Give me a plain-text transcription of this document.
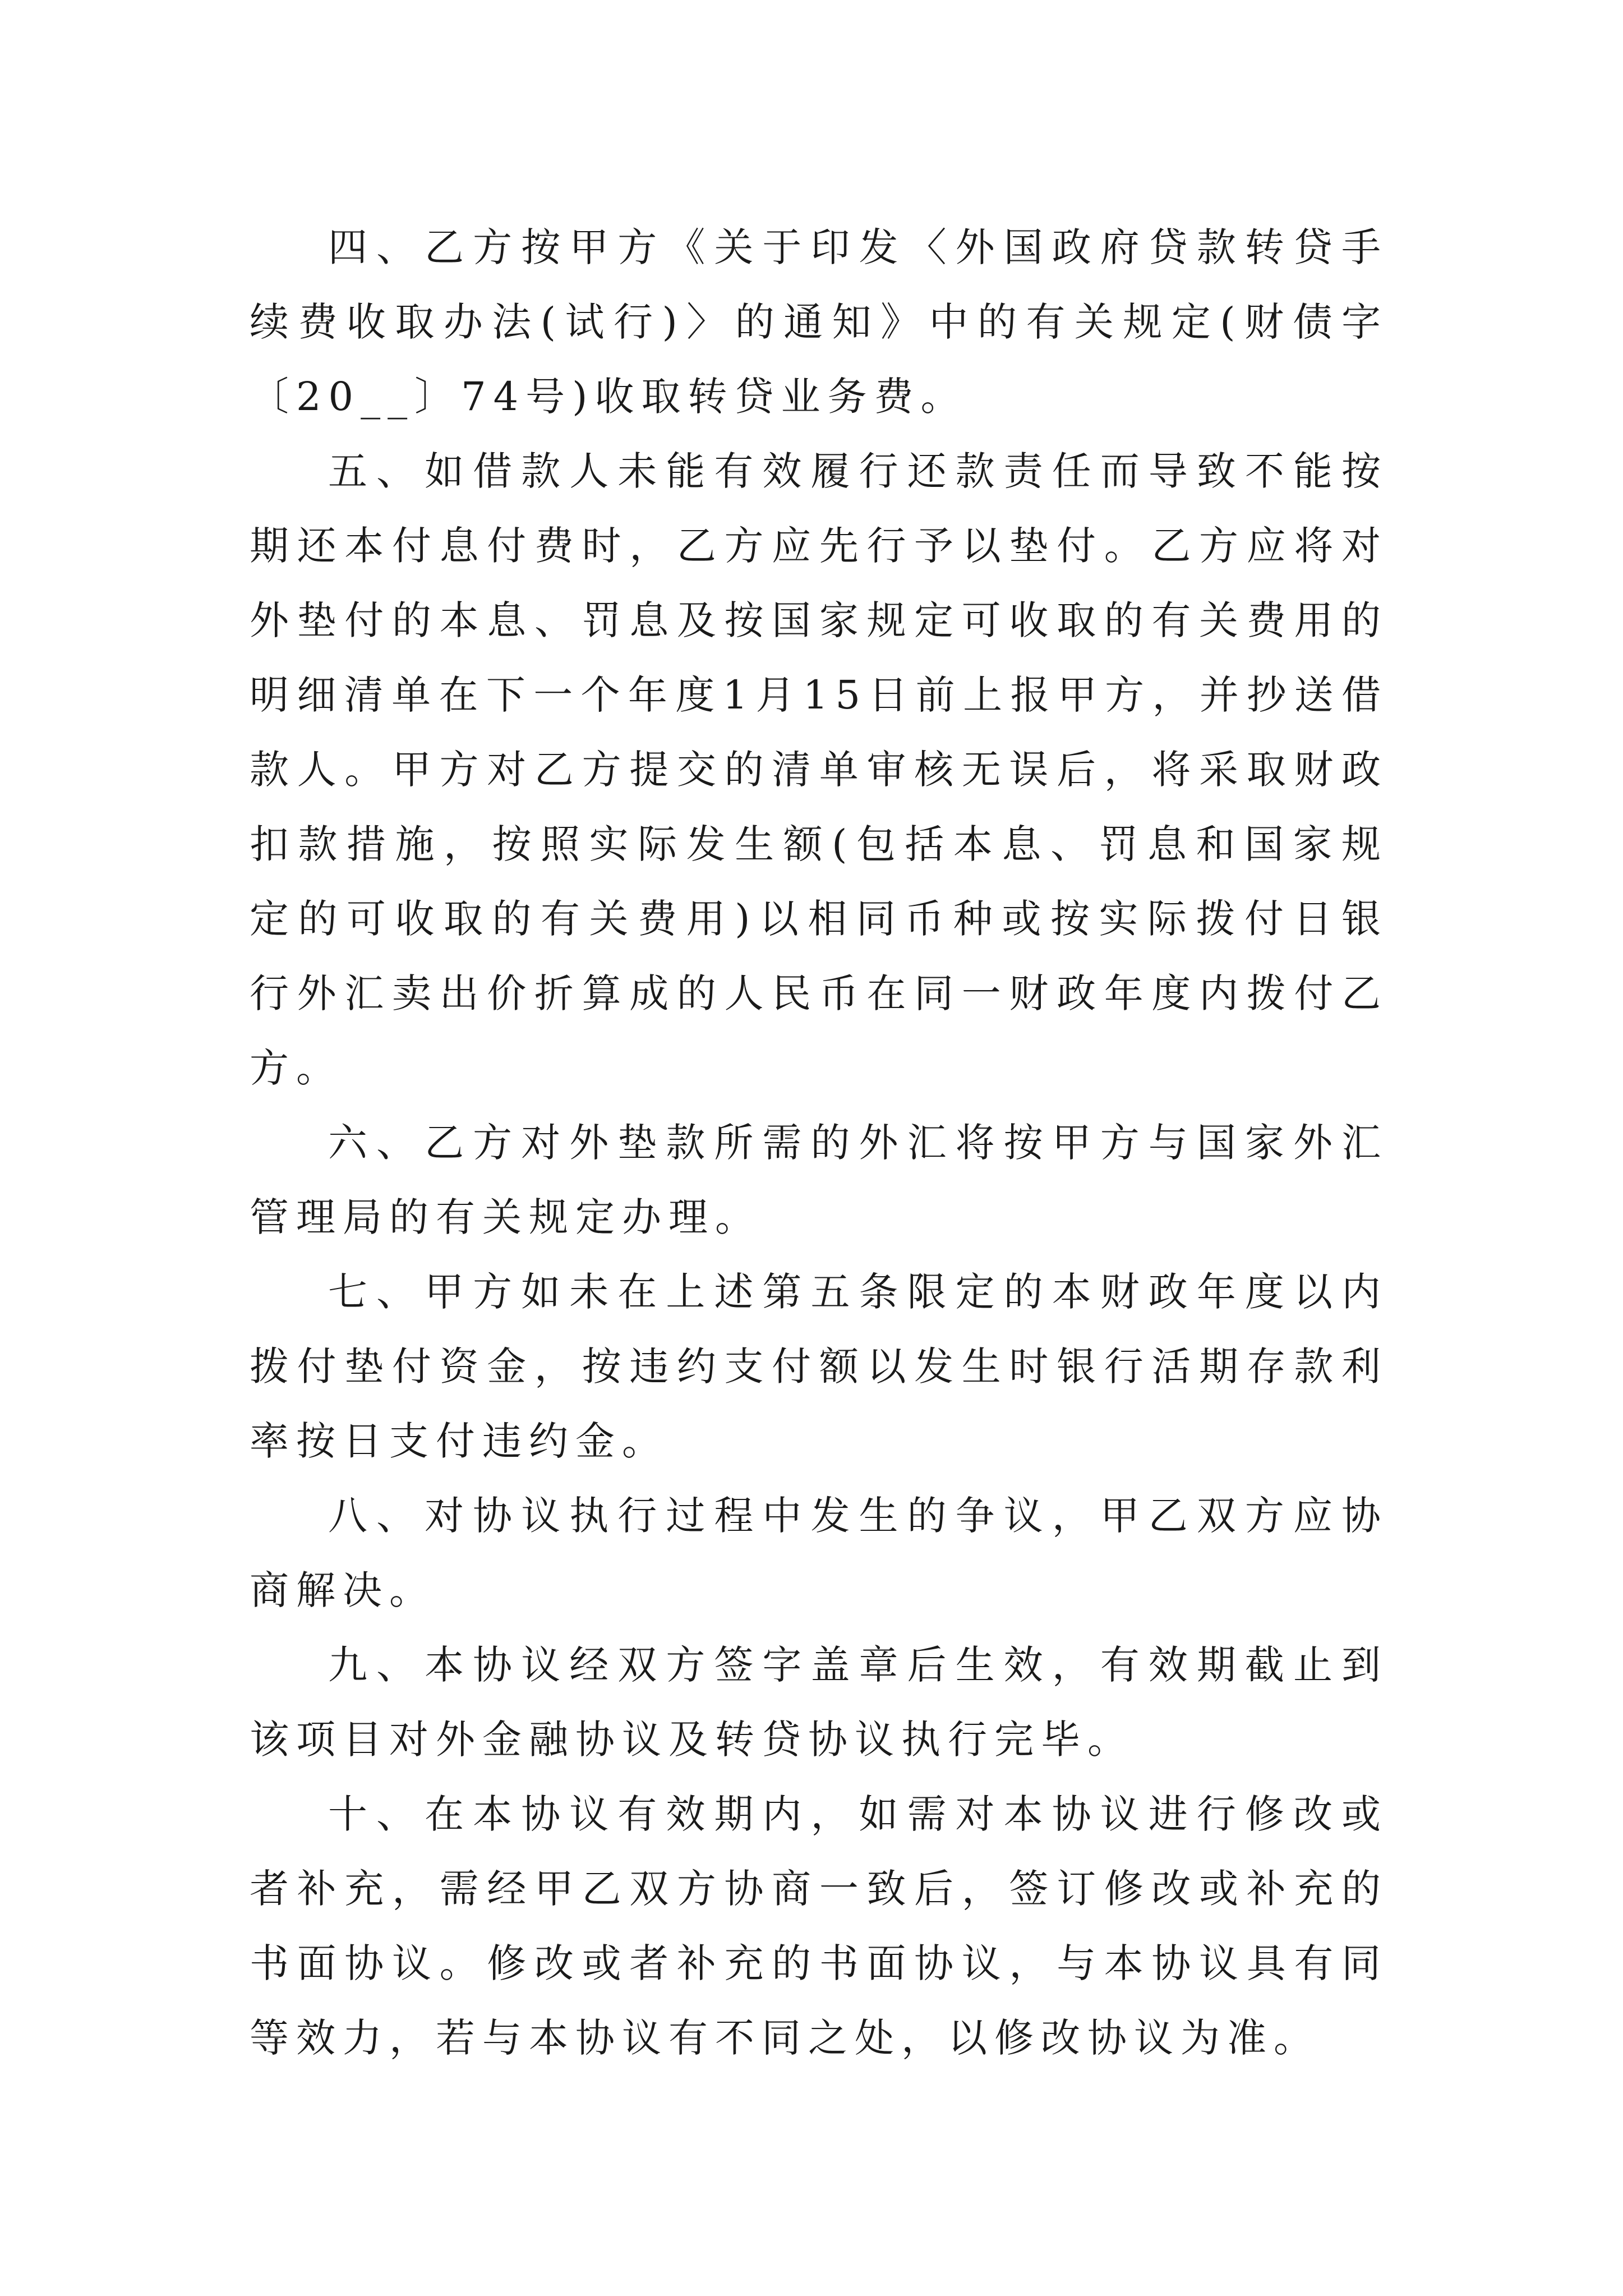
四、乙方按甲方《关于印发〈外国政府贷款转贷手续费收取办法(试行)〉的通知》中的有关规定(财债字〔20__〕74号)收取转贷业务费。

五、如借款人未能有效履行还款责任而导致不能按期还本付息付费时，乙方应先行予以垫付。乙方应将对外垫付的本息、罚息及按国家规定可收取的有关费用的明细清单在下一个年度1月15日前上报甲方，并抄送借款人。甲方对乙方提交的清单审核无误后，将采取财政扣款措施，按照实际发生额(包括本息、罚息和国家规定的可收取的有关费用)以相同币种或按实际拨付日银行外汇卖出价折算成的人民币在同一财政年度内拨付乙方。

六、乙方对外垫款所需的外汇将按甲方与国家外汇管理局的有关规定办理。

七、甲方如未在上述第五条限定的本财政年度以内拨付垫付资金，按违约支付额以发生时银行活期存款利率按日支付违约金。

八、对协议执行过程中发生的争议，甲乙双方应协商解决。

九、本协议经双方签字盖章后生效，有效期截止到该项目对外金融协议及转贷协议执行完毕。

十、在本协议有效期内，如需对本协议进行修改或者补充，需经甲乙双方协商一致后，签订修改或补充的书面协议。修改或者补充的书面协议，与本协议具有同等效力，若与本协议有不同之处，以修改协议为准。
